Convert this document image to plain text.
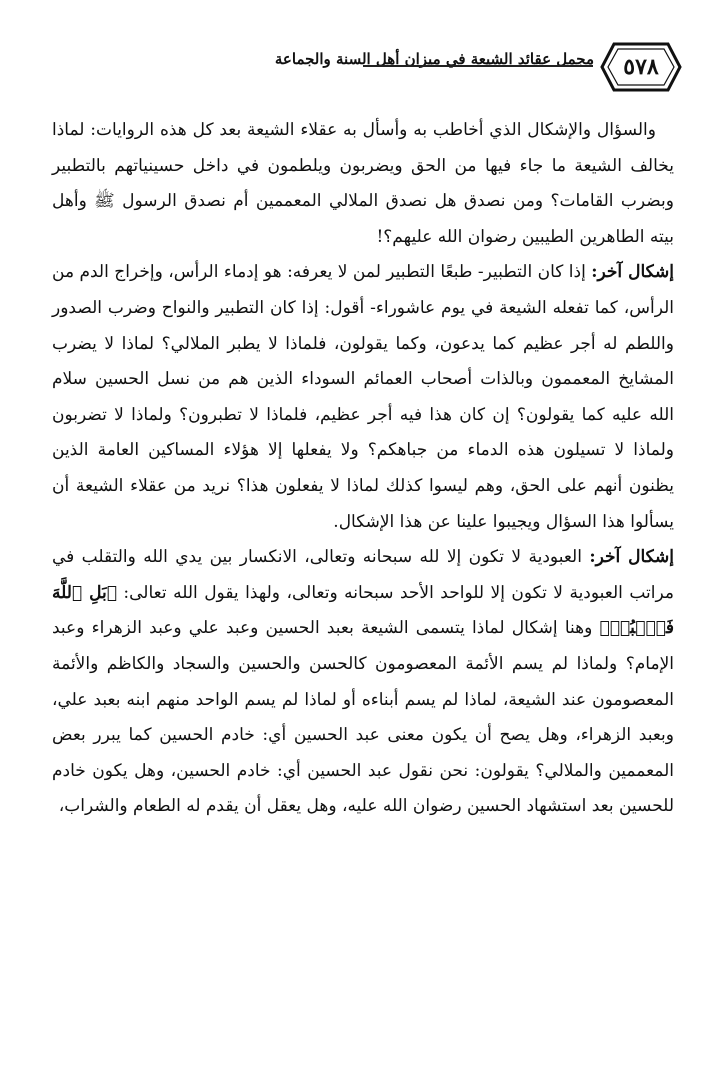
٥٧٨
مجمل عقائد الشيعة في ميزان أهل السنة والجماعة

والسؤال والإشكال الذي أخاطب به وأسأل به عقلاء الشيعة بعد كل هذه الروايات: لماذا يخالف الشيعة ما جاء فيها من الحق ويضربون ويلطمون في داخل حسينياتهم بالتطبير وبضرب القامات؟ ومن نصدق هل نصدق الملالي المعممين أم نصدق الرسول ﷺ وأهل بيته الطاهرين الطيبين رضوان الله عليهم؟!

إشكال آخر: إذا كان التطبير- طبعًا التطبير لمن لا يعرفه: هو إدماء الرأس، وإخراج الدم من الرأس، كما تفعله الشيعة في يوم عاشوراء- أقول: إذا كان التطبير والنواح وضرب الصدور واللطم له أجر عظيم كما يدعون، وكما يقولون، فلماذا لا يطبر الملالي؟ لماذا لا يضرب المشايخ المعممون وبالذات أصحاب العمائم السوداء الذين هم من نسل الحسين سلام الله عليه كما يقولون؟ إن كان هذا فيه أجر عظيم، فلماذا لا تطبرون؟ ولماذا لا تضربون ولماذا لا تسيلون هذه الدماء من جباهكم؟ ولا يفعلها إلا هؤلاء المساكين العامة الذين يظنون أنهم على الحق، وهم ليسوا كذلك لماذا لا يفعلون هذا؟ نريد من عقلاء الشيعة أن يسألوا هذا السؤال ويجيبوا علينا عن هذا الإشكال.

إشكال آخر: العبودية لا تكون إلا لله سبحانه وتعالى، الانكسار بين يدي الله والتقلب في مراتب العبودية لا تكون إلا للواحد الأحد سبحانه وتعالى، ولهذا يقول الله تعالى: ﴿بَلِ ٱللَّهَ فَٱعۡبُدۡ﴾ وهنا إشكال لماذا يتسمى الشيعة بعبد الحسين وعبد علي وعبد الزهراء وعبد الإمام؟ ولماذا لم يسم الأئمة المعصومون كالحسن والحسين والسجاد والكاظم والأئمة المعصومون عند الشيعة، لماذا لم يسم أبناءه أو لماذا لم يسم الواحد منهم ابنه بعبد علي، وبعبد الزهراء، وهل يصح أن يكون معنى عبد الحسين أي: خادم الحسين كما يبرر بعض المعممين والملالي؟ يقولون: نحن نقول عبد الحسين أي: خادم الحسين، وهل يكون خادم للحسين بعد استشهاد الحسين رضوان الله عليه، وهل يعقل أن يقدم له الطعام والشراب،
